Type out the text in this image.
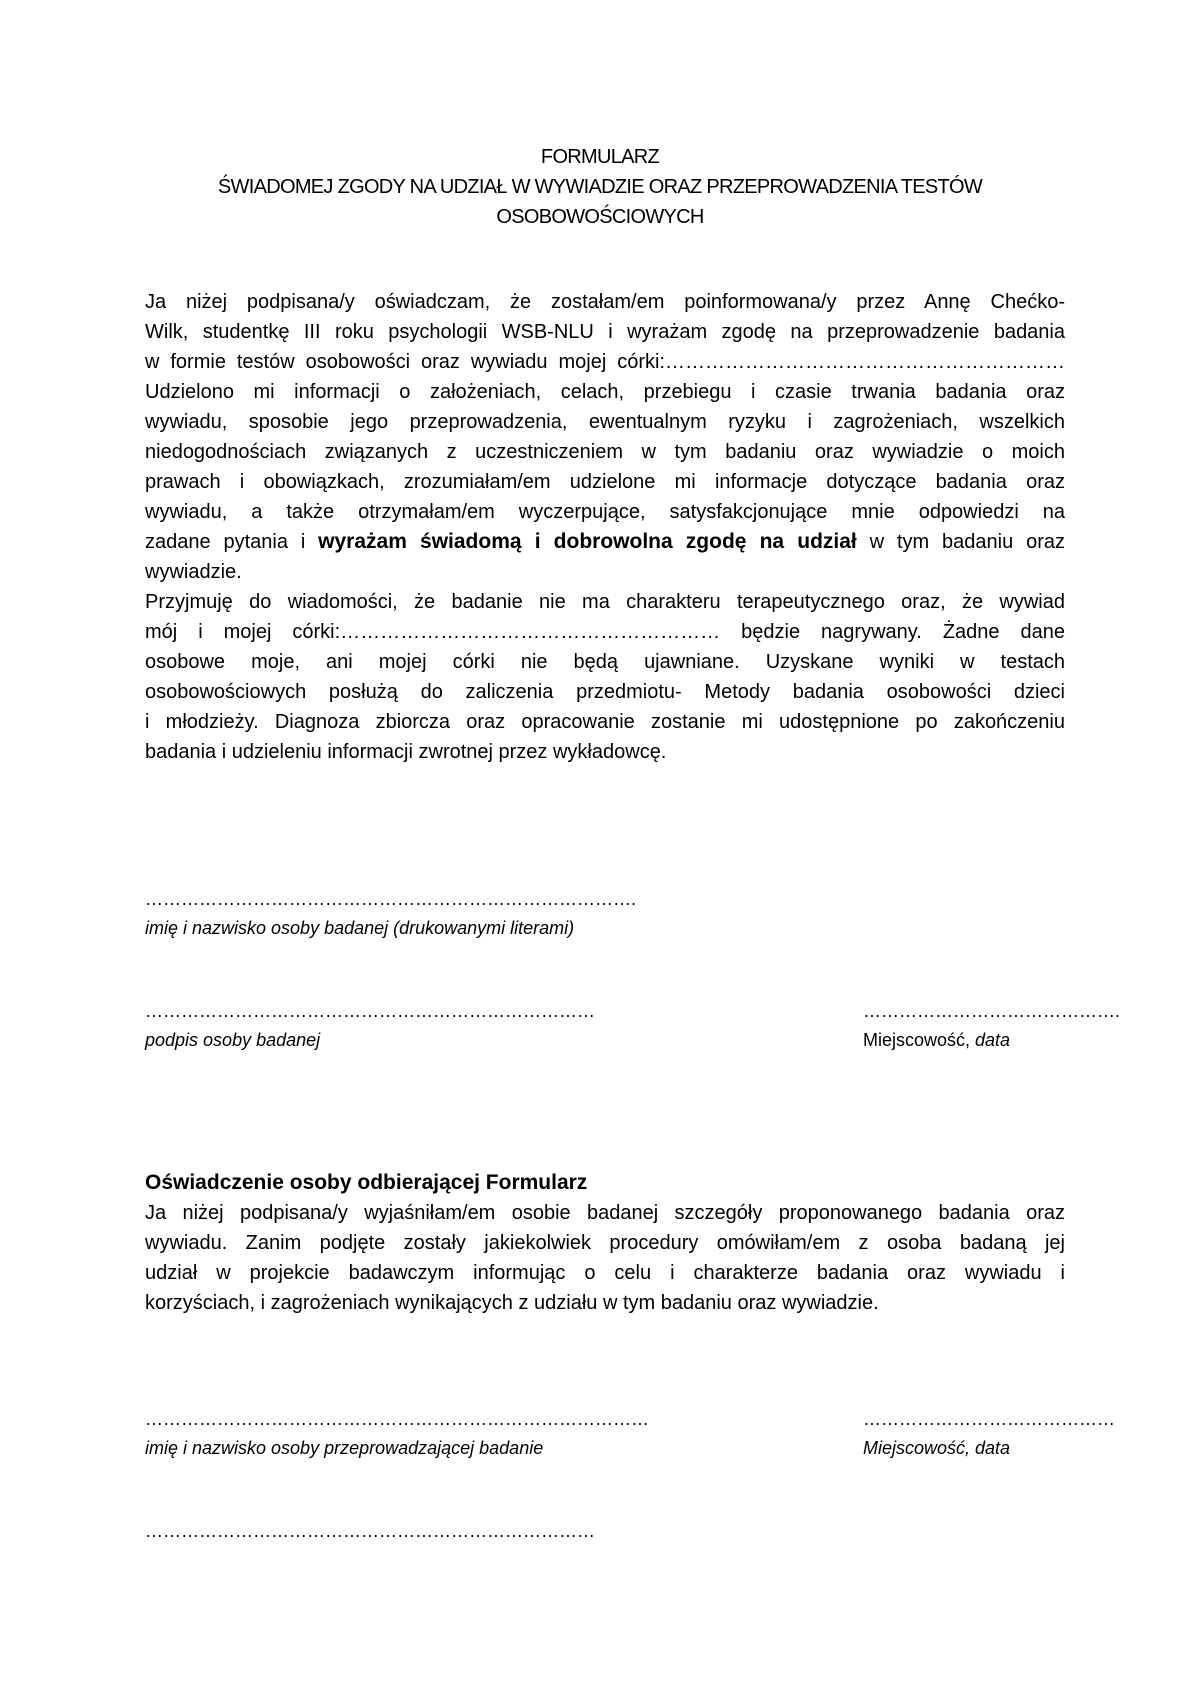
FORMULARZ
ŚWIADOMEJ ZGODY NA UDZIAŁ W WYWIADZIE ORAZ PRZEPROWADZENIA TESTÓW
OSOBOWOŚCIOWYCH
Ja niżej podpisana/y oświadczam, że zostałam/em poinformowana/y przez Annę Chećko-
Wilk, studentkę III roku psychologii WSB-NLU i wyrażam zgodę na przeprowadzenie badania
w formie testów osobowości oraz wywiadu mojej córki:……………………………………………………
Udzielono mi informacji o założeniach, celach, przebiegu i czasie trwania badania oraz
wywiadu, sposobie jego przeprowadzenia, ewentualnym ryzyku i zagrożeniach, wszelkich
niedogodnościach związanych z uczestniczeniem w tym badaniu oraz wywiadzie o moich
prawach i obowiązkach, zrozumiałam/em udzielone mi informacje dotyczące badania oraz
wywiadu, a także otrzymałam/em wyczerpujące, satysfakcjonujące mnie odpowiedzi na
zadane pytania i wyrażam świadomą i dobrowolna zgodę na udział w tym badaniu oraz
wywiadzie.
Przyjmuję do wiadomości, że badanie nie ma charakteru terapeutycznego oraz, że wywiad
mój i mojej córki:………………………………………………… będzie nagrywany. Żadne dane
osobowe moje, ani mojej córki nie będą ujawniane. Uzyskane wyniki w testach
osobowościowych posłużą do zaliczenia przedmiotu- Metody badania osobowości dzieci
i młodzieży. Diagnoza zbiorcza oraz opracowanie zostanie mi udostępnione po zakończeniu
badania i udzieleniu informacji zwrotnej przez wykładowcę.
……………………………………………………………………….
imię i nazwisko osoby badanej (drukowanymi literami)
…………………………………………………………………
podpis osoby badanej
…………………………………….
Miejscowość, data
Oświadczenie osoby odbierającej Formularz
Ja niżej podpisana/y wyjaśniłam/em osobie badanej szczegóły proponowanego badania oraz
wywiadu. Zanim podjęte zostały jakiekolwiek procedury omówiłam/em z osoba badaną jej
udział w projekcie badawczym informując o celu i charakterze badania oraz wywiadu i
korzyściach, i zagrożeniach wynikających z udziału w tym badaniu oraz wywiadzie.
…………………………………………………………………………
imię i nazwisko osoby przeprowadzającej badanie
……………………………………
Miejscowość, data
…………………………………………………………………
